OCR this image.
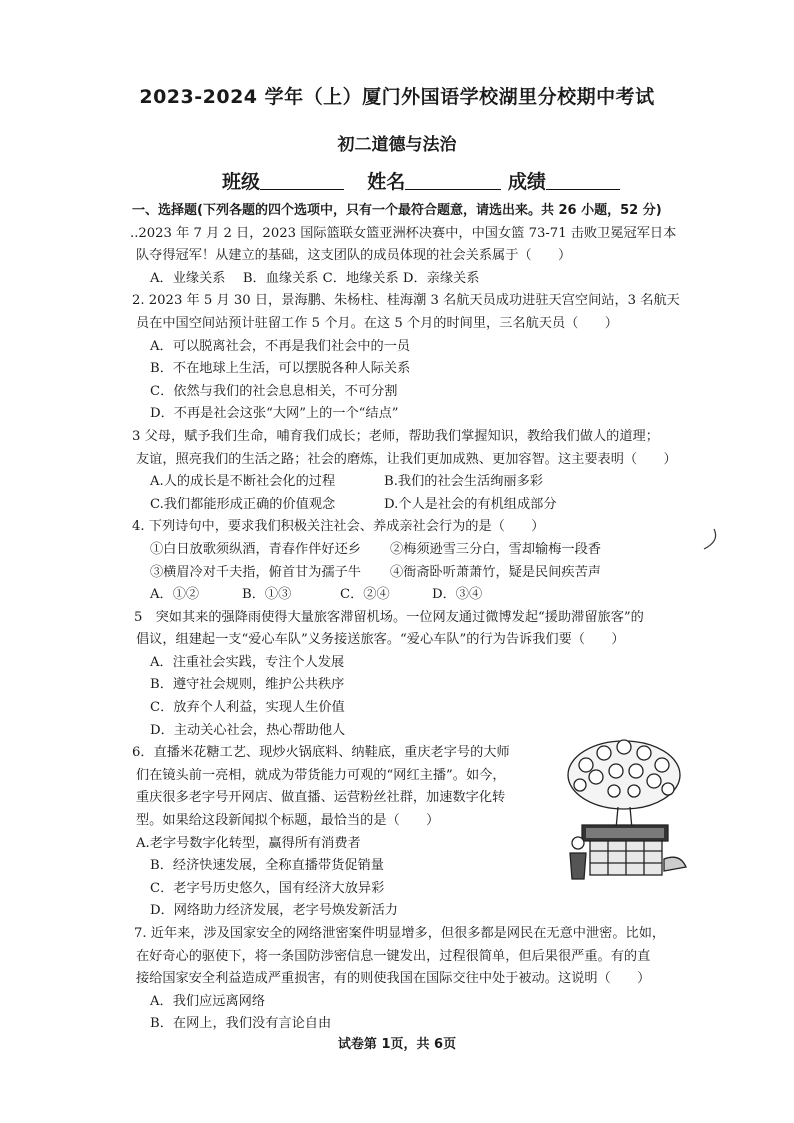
2023-2024 学年（上）厦门外国语学校湖里分校期中考试
初二道德与法治
班级	姓名	成绩
一、选择题(下列各题的四个选项中，只有一个最符合题意，请选出来。共 26 小题，52 分)
..2023 年 7 月 2 日，2023 国际篮联女篮亚洲杯决赛中，中国女篮 73-71 击败卫冕冠军日本
队夺得冠军！从建立的基础，这支团队的成员体现的社会关系属于（　　）
A．业缘关系　 B．血缘关系 C．地缘关系 D．亲缘关系
2. 2023 年 5 月 30 日，景海鹏、朱杨柱、桂海潮 3 名航天员成功进驻天宫空间站，3 名航天
员在中国空间站预计驻留工作 5 个月。在这 5 个月的时间里，三名航天员（　　）
A．可以脱离社会，不再是我们社会中的一员
B．不在地球上生活，可以摆脱各种人际关系
C．依然与我们的社会息息相关，不可分割
D．不再是社会这张“大网”上的一个“结点”
3 父母，赋予我们生命，哺育我们成长；老师，帮助我们掌握知识，教给我们做人的道理；
友谊，照亮我们的生活之路；社会的磨炼，让我们更加成熟、更加容智。这主要表明（　　）
A.人的成长是不断社会化的过程	B.我们的社会生活绚丽多彩
C.我们都能形成正确的价值观念	D.个人是社会的有机组成部分
4. 下列诗句中，要求我们积极关注社会、养成亲社会行为的是（　　）
①白日放歌须纵酒，青春作伴好还乡	②梅须逊雪三分白，雪却输梅一段香
③横眉冷对千夫指，俯首甘为孺子牛	④衙斋卧听萧萧竹，疑是民间疾苦声
A．①②	B．①③	C．②④	D．③④
5　突如其来的强降雨使得大量旅客滞留机场。一位网友通过微博发起“援助滞留旅客”的
倡议，组建起一支“爱心车队”义务接送旅客。“爱心车队”的行为告诉我们要（　　）
A．注重社会实践，专注个人发展
B．遵守社会规则，维护公共秩序
C．放弃个人利益，实现人生价值
D．主动关心社会，热心帮助他人
6．直播米花糖工艺、现炒火锅底料、纳鞋底，重庆老字号的大师
们在镜头前一亮相，就成为带货能力可观的“网红主播”。如今，
重庆很多老字号开网店、做直播、运营粉丝社群，加速数字化转
型。如果给这段新闻拟个标题，最恰当的是（　　）
A.老字号数字化转型，赢得所有消费者
B．经济快速发展，全称直播带货促销量
C．老字号历史悠久，国有经济大放异彩
D．网络助力经济发展，老字号焕发新活力
7. 近年来，涉及国家安全的网络泄密案件明显增多，但很多都是网民在无意中泄密。比如，
在好奇心的驱使下，将一条国防涉密信息一键发出，过程很简单，但后果很严重。有的直
接给国家安全利益造成严重损害，有的则使我国在国际交往中处于被动。这说明（　　）
A．我们应远离网络
B．在网上，我们没有言论自由
试卷第 1页，共 6页
